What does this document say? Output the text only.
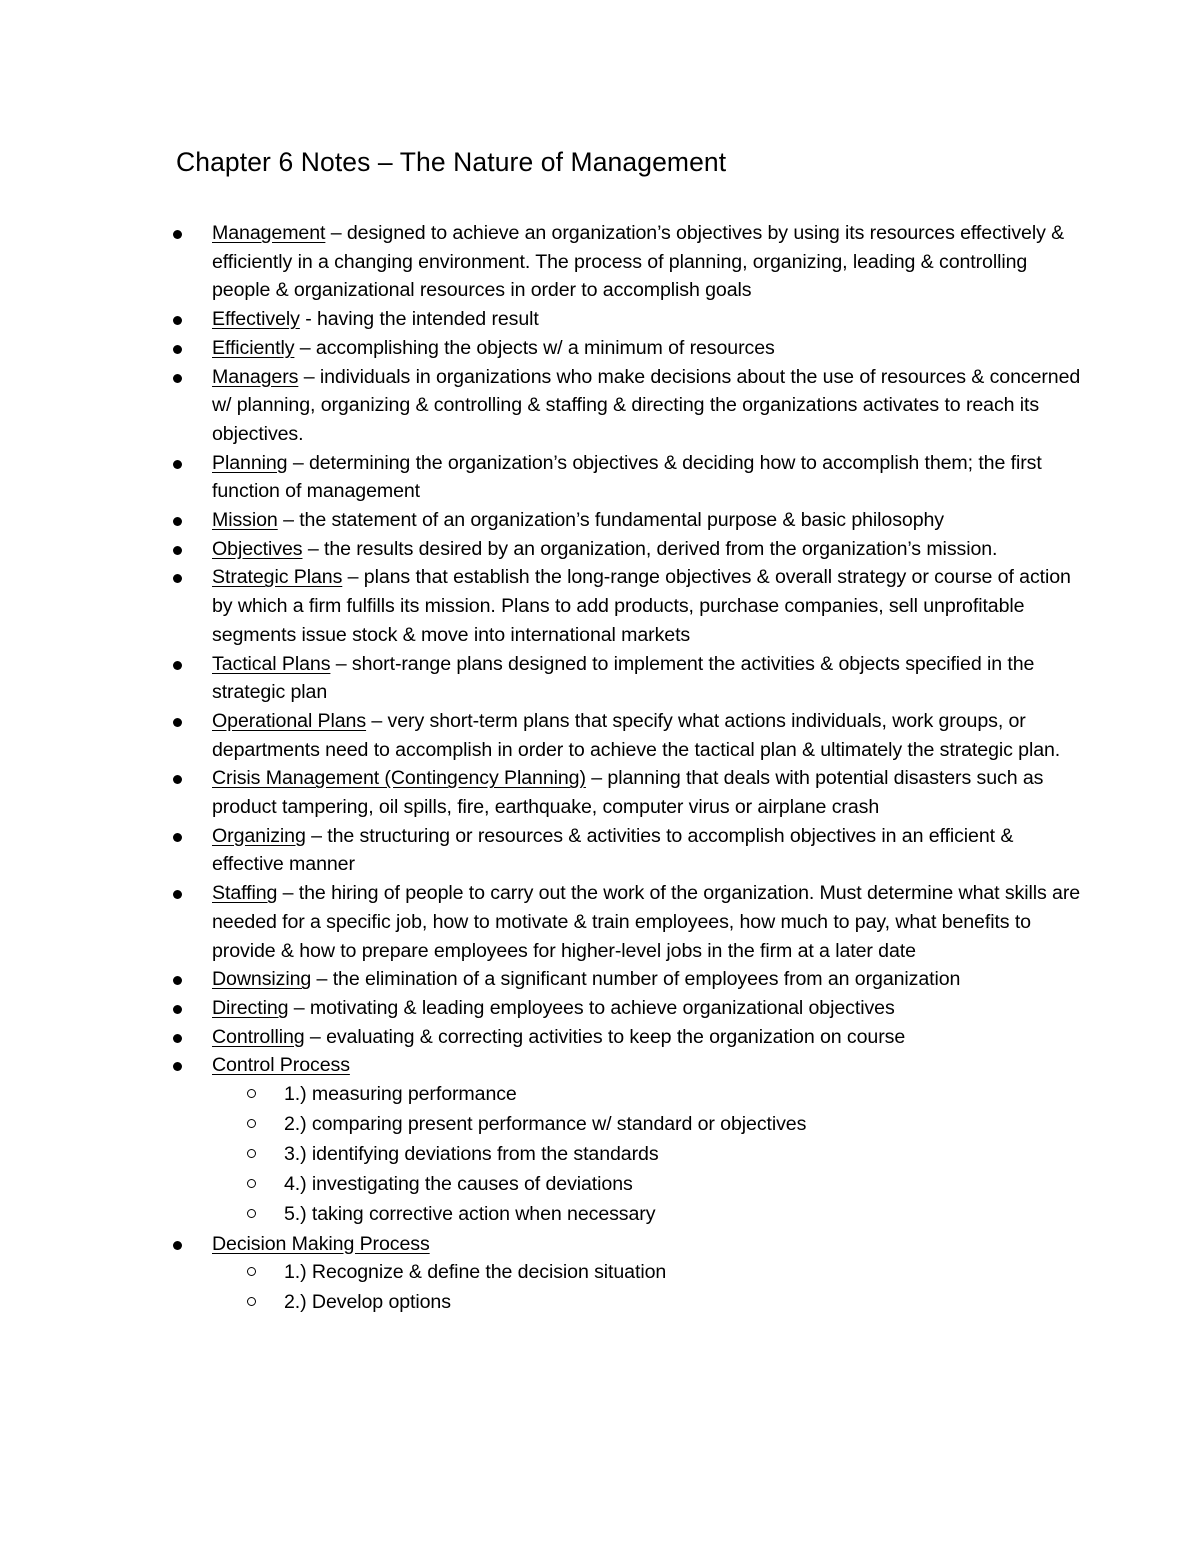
Chapter 6 Notes – The Nature of Management
Management – designed to achieve an organization’s objectives by using its resources effectively & efficiently in a changing environment. The process of planning, organizing, leading & controlling people & organizational resources in order to accomplish goals
Effectively - having the intended result
Efficiently – accomplishing the objects w/ a minimum of resources
Managers – individuals in organizations who make decisions about the use of resources & concerned w/ planning, organizing & controlling & staffing & directing the organizations activates to reach its objectives.
Planning – determining the organization’s objectives & deciding how to accomplish them; the first function of management
Mission – the statement of an organization’s fundamental purpose & basic philosophy
Objectives – the results desired by an organization, derived from the organization’s mission.
Strategic Plans – plans that establish the long-range objectives & overall strategy or course of action by which a firm fulfills its mission. Plans to add products, purchase companies, sell unprofitable segments issue stock & move into international markets
Tactical Plans – short-range plans designed to implement the activities & objects specified in the strategic plan
Operational Plans – very short-term plans that specify what actions individuals, work groups, or departments need to accomplish in order to achieve the tactical plan & ultimately the strategic plan.
Crisis Management (Contingency Planning) – planning that deals with potential disasters such as product tampering, oil spills, fire, earthquake, computer virus or airplane crash
Organizing – the structuring or resources & activities to accomplish objectives in an efficient & effective manner
Staffing – the hiring of people to carry out the work of the organization. Must determine what skills are needed for a specific job, how to motivate & train employees, how much to pay, what benefits to provide & how to prepare employees for higher-level jobs in the firm at a later date
Downsizing – the elimination of a significant number of employees from an organization
Directing – motivating & leading employees to achieve organizational objectives
Controlling – evaluating & correcting activities to keep the organization on course
Control Process
1.) measuring performance
2.) comparing present performance w/ standard or objectives
3.) identifying deviations from the standards
4.) investigating the causes of deviations
5.) taking corrective action when necessary
Decision Making Process
1.) Recognize & define the decision situation
2.) Develop options
